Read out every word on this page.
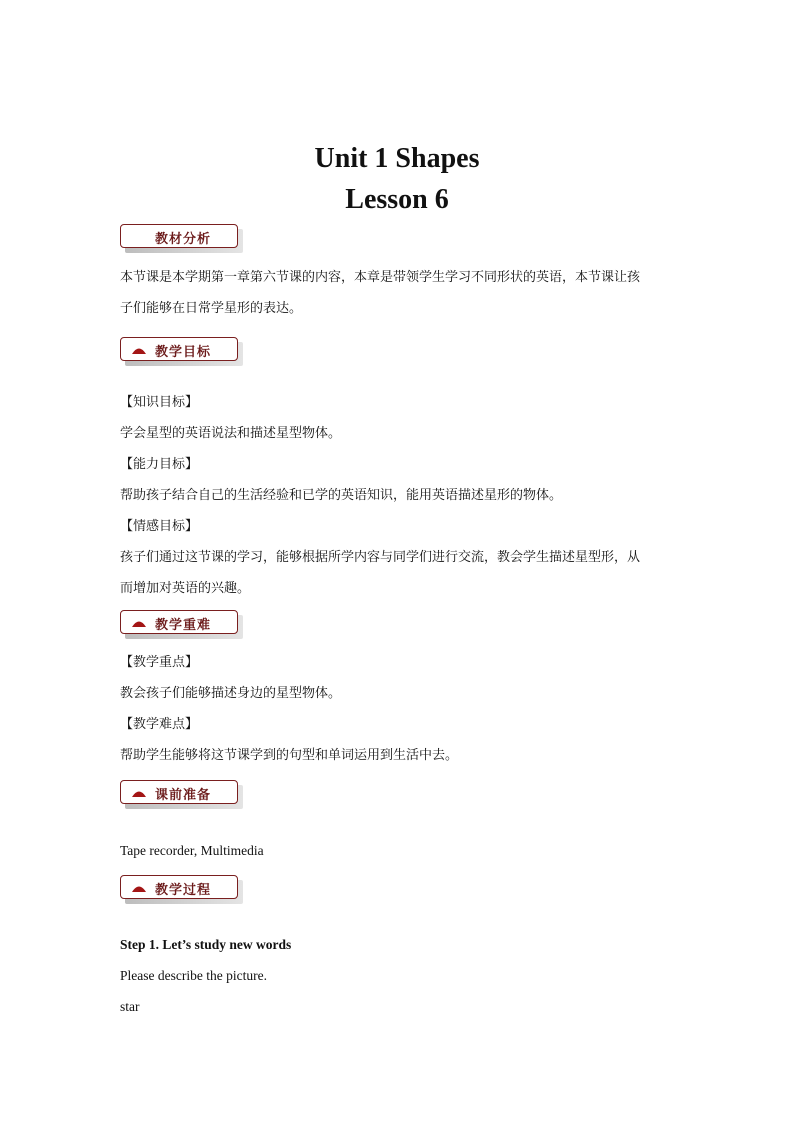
Unit 1 Shapes
Lesson 6
教材分析
本节课是本学期第一章第六节课的内容，本章是带领学生学习不同形状的英语，本节课让孩
子们能够在日常学星形的表达。
教学目标
【知识目标】
学会星型的英语说法和描述星型物体。
【能力目标】
帮助孩子结合自己的生活经验和已学的英语知识，能用英语描述星形的物体。
【情感目标】
孩子们通过这节课的学习，能够根据所学内容与同学们进行交流，教会学生描述星型形，从
而增加对英语的兴趣。
教学重难
【教学重点】
教会孩子们能够描述身边的星型物体。
【教学难点】
帮助学生能够将这节课学到的句型和单词运用到生活中去。
课前准备
Tape recorder, Multimedia
教学过程
Step 1. Let’s study new words
Please describe the picture.
star
